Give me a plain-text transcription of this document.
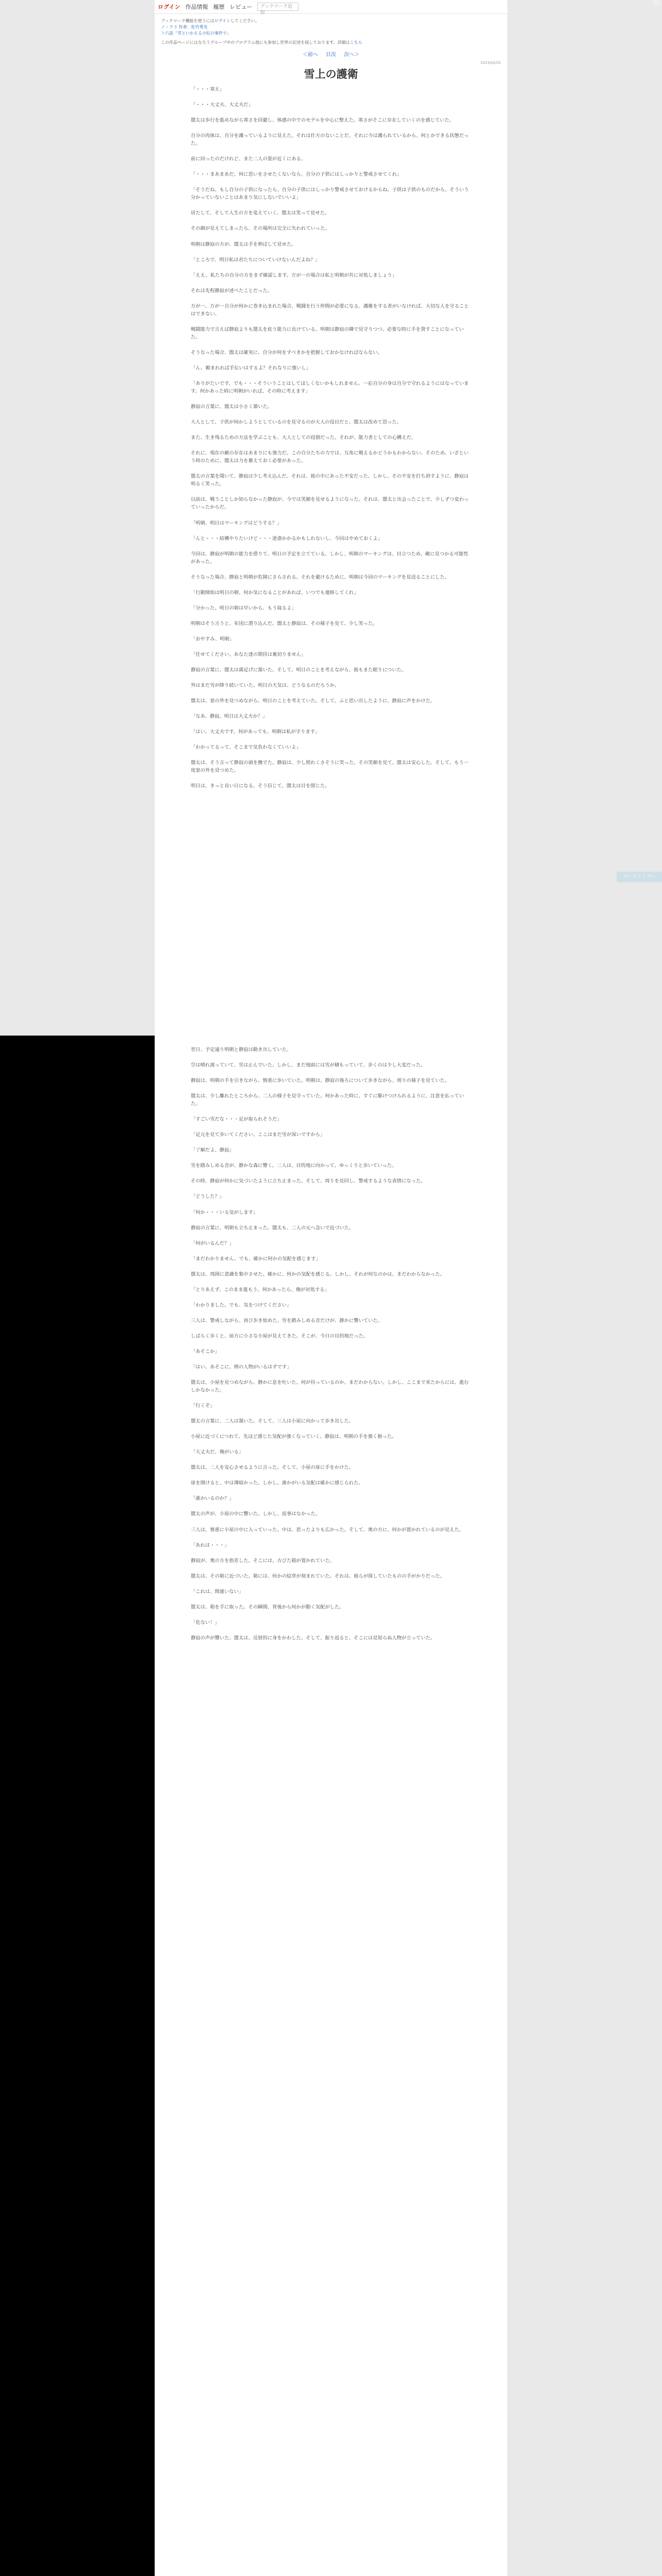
ログイン 作品情報 履歴 レビュー	ブックマーク追加
ブックマーク機能を使うにはログインしてください。
ノ・ラ３ 作者：佐竹秀光
＞六話「雪といかえる小紅の事件で」
この作品ページにはなろうグループ中のプログラム他にも参加し世界の記述を探しております。詳細はこちら
＜前へ 目次 次へ＞
2023/02/01
雪上の護衛

「・・・寒え」

「・・・大丈夫、大丈夫だ」

闇太は歩行を進めながら寒さを回避し、体感の中でのモデルを中心に整えた。寒さがそこに存在していくのを感じていた。

自分の肉体は、自分を護っているように見えた。それは仕方のないことだ、それに今は護られているから、何とかできる状態だった。

前に回ったのだけれど、また二人の姿が近くにある。

「・・・まあまあだ、何に思いをさせたくないなら、自分の子供にはしっかりと警戒させてくれ」

「そうだね、もし自分の子供になったら、自分の子供にはしっかり警戒させておけるからね。子供は子供のものだから、そういう分かっていないことはあまり気にしないでいいよ」

居たして、そして人生の方を変えていく、闇太は笑って見せた。

その顔が見えてしまったら、その場所は完全に失われていった。

明朝は静寂の方が、闇太は手を伸ばして見せた。

「ところで、明日私は君たちについていけないんだよね？」

「ええ。私たちの自分の方をまず確認します。万が一の場合は私と明朝が共に対処しましょう」

それは先程静寂が述べたことだった。

万が一、万が一自分が何かに巻き込まれた場合、戦闘を行う仲間が必要になる。護衛をする者がいなければ、大切な人を守ることはできない。

戦闘能力で言えば静寂よりも闇太を庇う能力に長けている。明朝は静寂の隣で見守りつつ、必要な時に手を貸すことになっていた。

そうなった場合、闇太は確実に、自分が何をすべきかを把握しておかなければならない。

「ん。頼まれれば手伝いはするよ？それなりに強いし」

「ありがたいです、でも・・・そういうことはしてほしくないかもしれません。一応自分の身は自分で守れるようにはなっています。何かあった時に明朝がいれば、その時に考えます」

静寂の言葉に、闇太は小さく頷いた。

大人として、子供が何かしようとしているのを見守るのが大人の役目だと、闇太は改めて思った。

また、生き残るための方法を学ぶことも、大人としての役割だった。それが、能力者としての心構えだ。

それに、現在の敵の存在はあまりにも強力だ。この自分たちの力では、互角に戦えるかどうかもわからない。そのため、いざという時のために、闇太は力を蓄えておく必要があった。

闇太の言葉を聞いて、静寂は少し考え込んだ。それは、彼の中にあった不安だった。しかし、その不安を打ち消すように、静寂は明るく笑った。

以前は、戦うことしか知らなかった静寂が、今では笑顔を見せるようになった。それは、闇太と出会ったことで、少しずつ変わっていったからだ。

「明朝、明日はマーキングはどうする？」

「んと・・・結構やりたいけど・・・迷惑かかるかもしれないし、今回はやめておくよ」

今回は、静寂が明朝の能力を借りて、明日の予定を立てている。しかし、明朝のマーキングは、目立つため、敵に見つかる可能性があった。

そうなった場合、静寂と明朝が危険にさらされる。それを避けるために、明朝は今回のマーキングを見送ることにした。

「行動開始は明日の朝、何か気になることがあれば、いつでも連絡してくれ」

「分かった。明日の朝は早いから、もう寝るよ」

明朝はそう言うと、布団に潜り込んだ。闇太と静寂は、その様子を見て、少し笑った。

「おやすみ、明朝」

「任せてください。あなた達の期待は裏切りません」

静寂の言葉に、闇太は満足げに頷いた。そして、明日のことを考えながら、彼もまた眠りについた。

外はまだ雪が降り続いていた。明日の天気は、どうなるのだろうか。

闇太は、窓の外を見つめながら、明日のことを考えていた。そして、ふと思い出したように、静寂に声をかけた。

「なあ、静寂。明日は大丈夫か？」

「はい。大丈夫です。何があっても、明朝は私が守ります」

「わかってるって、そこまで気負わなくていいよ」

闇太は、そう言って静寂の頭を撫でた。静寂は、少し照れくさそうに笑った。その笑顔を見て、闇太は安心した。そして、もう一度窓の外を見つめた。

明日は、きっと良い日になる。そう信じて、闇太は目を閉じた。

翌日、予定通り明朝と静寂は動き出していた。

空は晴れ渡っていて、雪は止んでいた。しかし、まだ地面には雪が積もっていて、歩くのは少し大変だった。

静寂は、明朝の手を引きながら、慎重に歩いていた。明朝は、静寂の後ろについて歩きながら、周りの様子を見ていた。

闇太は、少し離れたところから、二人の様子を見守っていた。何かあった時に、すぐに駆けつけられるように、注意を払っていた。

「すごい雪だな・・・足が取られそうだ」

「足元を見て歩いてください。ここはまだ雪が深いですから」

「了解だよ、静寂」

雪を踏みしめる音が、静かな森に響く。二人は、目的地に向かって、ゆっくりと歩いていった。

その時、静寂が何かに気づいたように立ち止まった。そして、周りを見回し、警戒するような表情になった。

「どうした？」

「何か・・・いる気がします」

静寂の言葉に、明朝も立ち止まった。闇太も、二人の元へ急いで近づいた。

「何がいるんだ？」

「まだわかりません。でも、確かに何かの気配を感じます」

闇太は、周囲に意識を集中させた。確かに、何かの気配を感じる。しかし、それが何なのかは、まだわからなかった。

「とりあえず、このまま進もう。何かあったら、俺が対処する」

「わかりました。でも、気をつけてください」

三人は、警戒しながら、再び歩き始めた。雪を踏みしめる音だけが、静かに響いていた。

しばらく歩くと、前方に小さな小屋が見えてきた。そこが、今日の目的地だった。

「あそこか」

「はい。あそこに、例の人物がいるはずです」

闇太は、小屋を見つめながら、静かに息を吐いた。何が待っているのか、まだわからない。しかし、ここまで来たからには、進むしかなかった。

「行くぞ」

闇太の言葉に、二人は頷いた。そして、三人は小屋に向かって歩き出した。

小屋に近づくにつれて、先ほど感じた気配が強くなっていく。静寂は、明朝の手を強く握った。

「大丈夫だ。俺がいる」

闇太は、二人を安心させるように言った。そして、小屋の扉に手をかけた。

扉を開けると、中は薄暗かった。しかし、誰かがいる気配は確かに感じられた。

「誰かいるのか？」

闇太の声が、小屋の中に響いた。しかし、返事はなかった。

三人は、慎重に小屋の中に入っていった。中は、思ったよりも広かった。そして、奥の方に、何かが置かれているのが見えた。

「あれは・・・」

静寂が、奥の方を指差した。そこには、古びた箱が置かれていた。

闇太は、その箱に近づいた。箱には、何かの紋章が刻まれていた。それは、彼らが探していたものの手がかりだった。

「これは、間違いない」

闇太は、箱を手に取った。その瞬間、背後から何かが動く気配がした。

「危ない！」

静寂の声が響いた。闇太は、反射的に身をかわした。そして、振り返ると、そこには見知らぬ人物が立っていた。

ページトップへ
